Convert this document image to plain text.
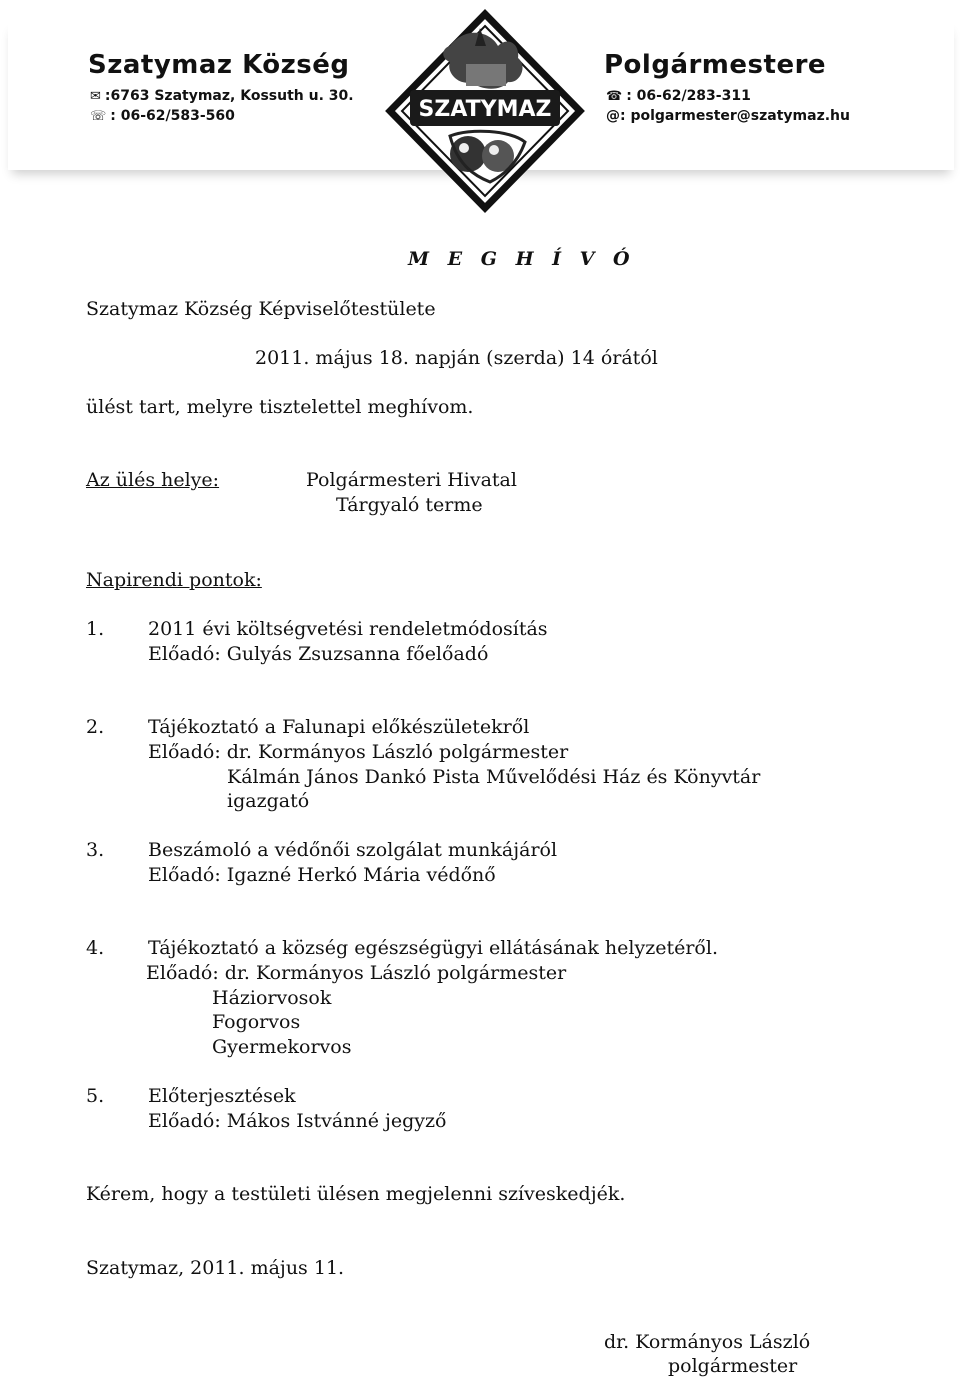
Szatymaz Község
✉ :6763 Szatymaz, Kossuth u. 30.
☏ : 06-62/583-560	SZATYMAZ
Polgármestere
☎ : 06-62/283-311
@: polgarmester@szatymaz.hu
M E G H Í V Ó
Szatymaz Község Képviselőtestülete
2011. május 18. napján (szerda) 14 órától
ülést tart, melyre tisztelettel meghívom.
Az ülés helye:	Polgármesteri Hivatal
Tárgyaló terme
Napirendi pontok:
1. 2011 évi költségvetési rendeletmódosítás
Előadó: Gulyás Zsuzsanna főelőadó
2. Tájékoztató a Falunapi előkészületekről
Előadó: dr. Kormányos László polgármester
Kálmán János Dankó Pista Művelődési Ház és Könyvtár
igazgató
3. Beszámoló a védőnői szolgálat munkájáról
Előadó: Igazné Herkó Mária védőnő
4. Tájékoztató a község egészségügyi ellátásának helyzetéről.
Előadó: dr. Kormányos László polgármester
Háziorvosok
Fogorvos
Gyermekorvos
5. Előterjesztések
Előadó: Mákos Istvánné jegyző
Kérem, hogy a testületi ülésen megjelenni szíveskedjék.
Szatymaz, 2011. május 11.
dr. Kormányos László
polgármester
